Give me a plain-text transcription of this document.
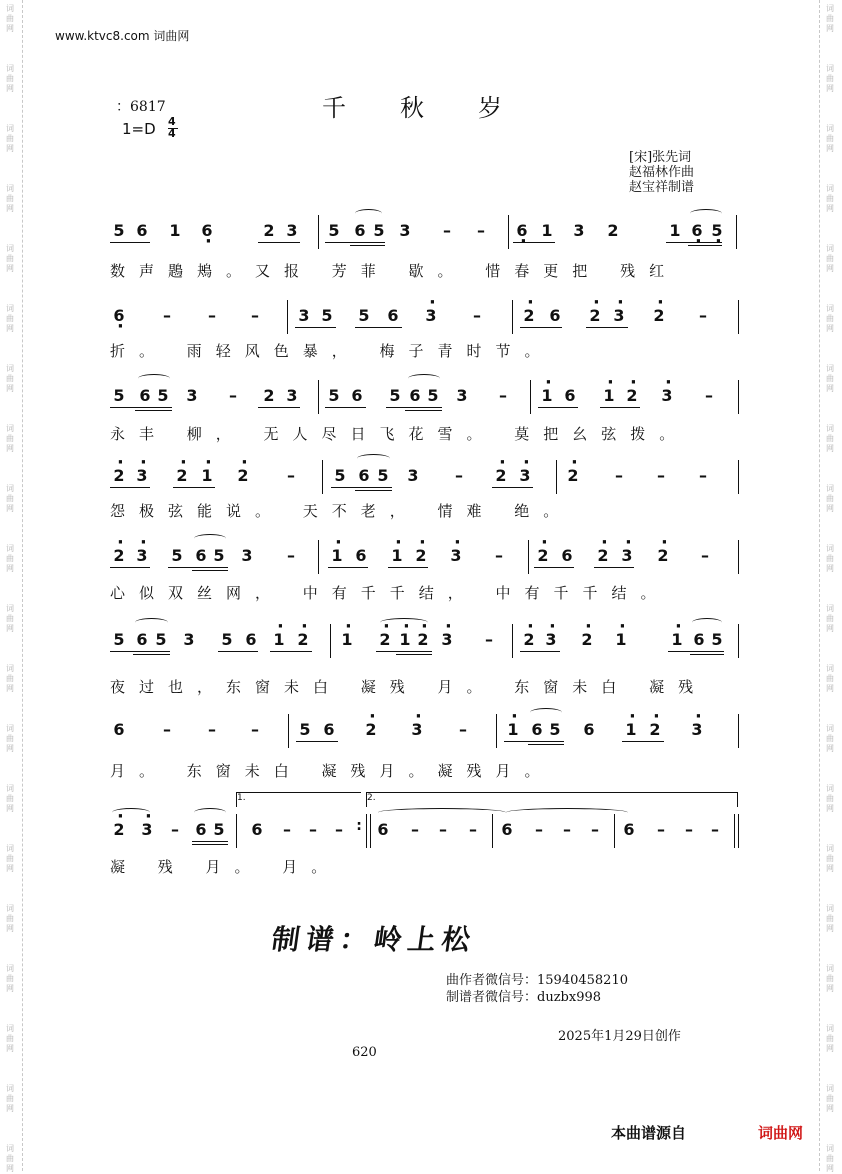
词
曲
网
词
曲
网
词
曲
网
词
曲
网
词
曲
网
词
曲
网
词
曲
网
词
曲
网
词
曲
网
词
曲
网
词
曲
网
词
曲
网
词
曲
网
词
曲
网
词
曲
网
词
曲
网
词
曲
网
词
曲
网
词
曲
网
词
曲
网
词
曲
网
词
曲
网
词
曲
网
词
曲
网
词
曲
网
词
曲
网
词
曲
网
词
曲
网
词
曲
网
词
曲
网
词
曲
网
词
曲
网
词
曲
网
词
曲
网
词
曲
网
词
曲
网
词
曲
网
词
曲
网
词
曲
网
词
曲
网
www.ktvc8.com 词曲网
：6817
1=D 4
4
千秋岁
[宋]张先词
赵福林作曲
赵宝祥制谱
5 6 1 6 ·	2 3 5 6 5 3 – – 6 · 1 3 2	1 6 · 5 ·
6 · – – – 3 5 5 6 · 3 –	· 2 6 · 2 · 3 · 2 –
5 6 5 3 – 2 3 5 6 5 6 5 3 – · 1 6 · 1 · 2 · 3 –
· 2 · 3 · 2 · 1 · 2 – 5 6 5 3 – · 2 · 3 · 2 – – –
· 2 · 3 5 6 5 3 – · 1 6 · 1 · 2 · 3 – · 2 6 · 2 · 3 · 2 –
5 6 5 3 5 6 · 1 · 2 · 1 · 2 · 1 · 2 · 3 – · 2 · 3 · 2 · 1	· 1 6 5
6 – – –	5 6 · 2 · 3 –	· 1 6 5 6 · 1 · 2 · 3
· 2 · 3 – 6 5 6 – – – 6 – – – 6 – – – 6 – – –
:
数声鶗鴂。又报 芳菲 歇。 惜春更把 残红
折。 雨轻风色暴， 梅子青时节。
永丰 柳， 无人尽日飞花雪。 莫把幺弦拨。
怨极弦能说。 天不老， 情难 绝。
心似双丝网， 中有千千结， 中有千千结。
夜过也，东窗未白 凝残 月。 东窗未白 凝残
月。 东窗未白 凝残月。凝残月。
凝 残 月。 月。
1.	2.
制谱：岭上松
曲作者微信号：15940458210
制谱者微信号：duzbx998
2025年1月29日创作
620
本曲谱源自	词曲网
